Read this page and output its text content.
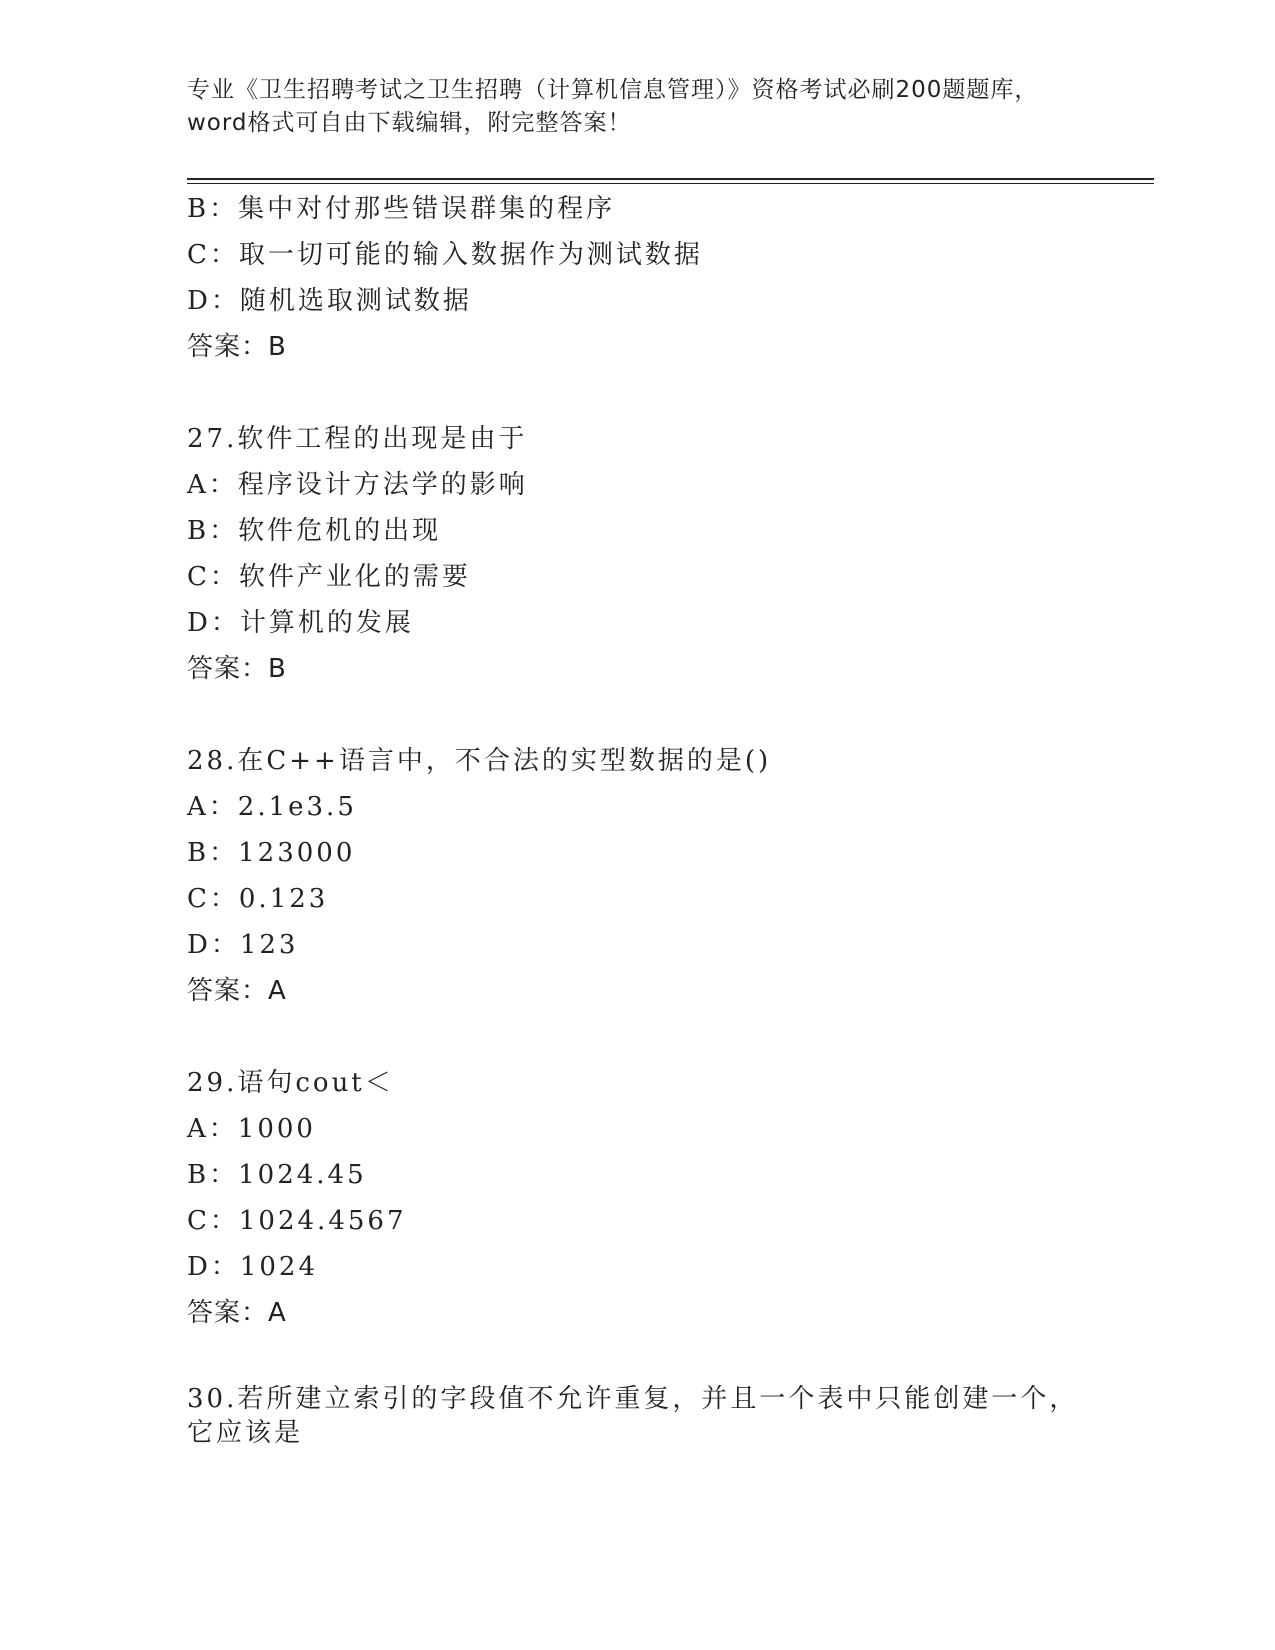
专业《卫生招聘考试之卫生招聘（计算机信息管理）》资格考试必刷200题题库，
word格式可自由下载编辑，附完整答案！
B：集中对付那些错误群集的程序
C：取一切可能的输入数据作为测试数据
D：随机选取测试数据
答案：B
27.软件工程的出现是由于
A：程序设计方法学的影响
B：软件危机的出现
C：软件产业化的需要
D：计算机的发展
答案：B
28.在C++语言中，不合法的实型数据的是()
A：2.1e3.5
B：123000
C：0.123
D：123
答案：A
29.语句cout＜
A：1000
B：1024.45
C：1024.4567
D：1024
答案：A
30.若所建立索引的字段值不允许重复，并且一个表中只能创建一个，
它应该是
